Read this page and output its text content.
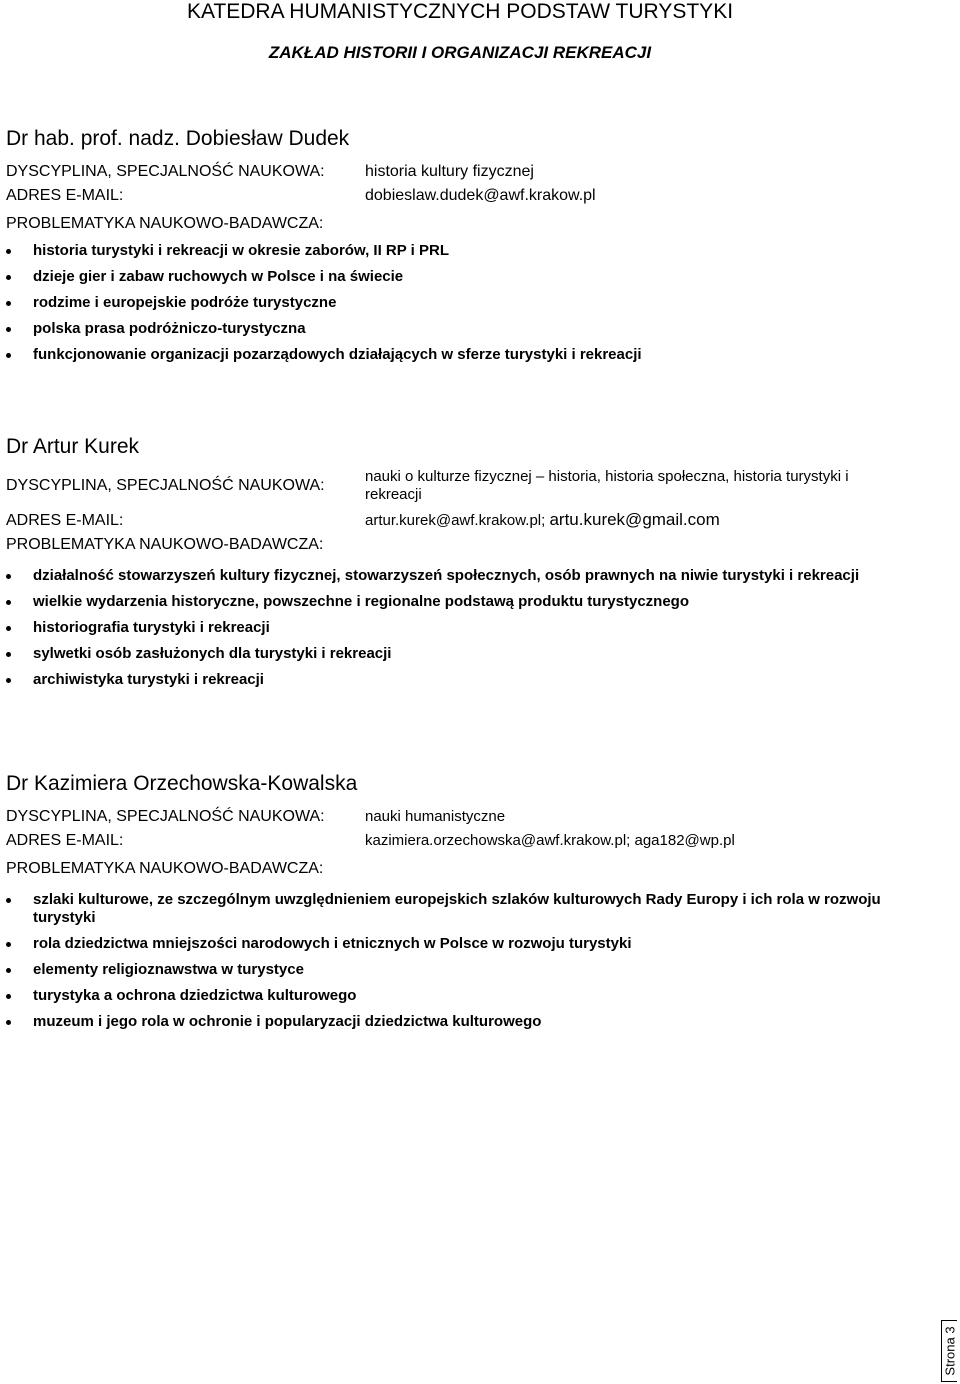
KATEDRA HUMANISTYCZNYCH PODSTAW TURYSTYKI
ZAKŁAD HISTORII I ORGANIZACJI REKREACJI
Dr hab. prof. nadz. Dobiesław Dudek
DYSCYPLINA, SPECJALNOŚĆ NAUKOWA:	historia kultury fizycznej
ADRES E-MAIL:	dobieslaw.dudek@awf.krakow.pl
PROBLEMATYKA NAUKOWO-BADAWCZA:
historia turystyki i rekreacji w okresie zaborów, II RP i PRL
dzieje gier i zabaw ruchowych w Polsce i na świecie
rodzime i europejskie podróże turystyczne
polska prasa podróżniczo-turystyczna
funkcjonowanie organizacji pozarządowych działających w sferze turystyki i rekreacji
Dr Artur Kurek
DYSCYPLINA, SPECJALNOŚĆ NAUKOWA:
nauki o kulturze fizycznej – historia, historia społeczna, historia turystyki i rekreacji
ADRES E-MAIL:	artur.kurek@awf.krakow.pl; artu.kurek@gmail.com
PROBLEMATYKA NAUKOWO-BADAWCZA:
działalność stowarzyszeń kultury fizycznej, stowarzyszeń społecznych, osób prawnych na niwie turystyki i rekreacji
wielkie wydarzenia historyczne, powszechne i regionalne podstawą produktu turystycznego
historiografia turystyki i rekreacji
sylwetki osób zasłużonych dla turystyki i rekreacji
archiwistyka turystyki i rekreacji
Dr Kazimiera Orzechowska-Kowalska
DYSCYPLINA, SPECJALNOŚĆ NAUKOWA:	nauki humanistyczne
ADRES E-MAIL:	kazimiera.orzechowska@awf.krakow.pl; aga182@wp.pl
PROBLEMATYKA NAUKOWO-BADAWCZA:
szlaki kulturowe, ze szczególnym uwzględnieniem europejskich szlaków kulturowych Rady Europy i ich rola w rozwoju turystyki
rola dziedzictwa mniejszości narodowych i etnicznych w Polsce w rozwoju turystyki
elementy religioznawstwa w turystyce
turystyka a ochrona dziedzictwa kulturowego
muzeum i jego rola w ochronie i popularyzacji dziedzictwa kulturowego
Strona 3
